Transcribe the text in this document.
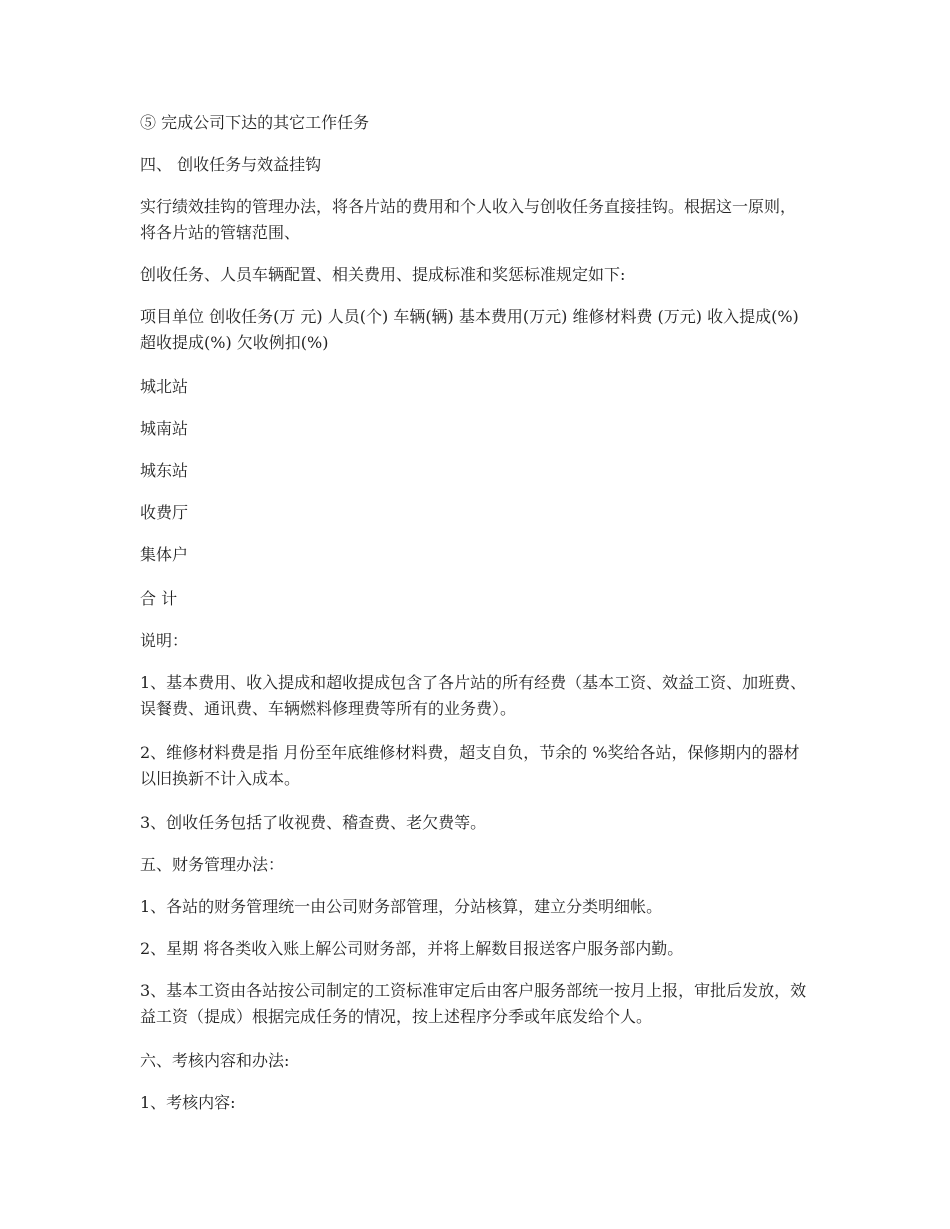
⑤ 完成公司下达的其它工作任务

四、 创收任务与效益挂钩

实行绩效挂钩的管理办法，将各片站的费用和个人收入与创收任务直接挂钩。根据这一原则，将各片站的管辖范围、

创收任务、人员车辆配置、相关费用、提成标准和奖惩标准规定如下:

项目单位 创收任务(万 元) 人员(个) 车辆(辆) 基本费用(万元) 维修材料费 (万元) 收入提成(%) 超收提成(%) 欠收例扣(%)

城北站

城南站

城东站

收费厅

集体户

合 计

说明：

1、基本费用、收入提成和超收提成包含了各片站的所有经费（基本工资、效益工资、加班费、误餐费、通讯费、车辆燃料修理费等所有的业务费）。

2、维修材料费是指 月份至年底维修材料费，超支自负，节余的 %奖给各站，保修期内的器材以旧换新不计入成本。

3、创收任务包括了收视费、稽查费、老欠费等。

五、财务管理办法：

1、各站的财务管理统一由公司财务部管理，分站核算，建立分类明细帐。

2、星期 将各类收入账上解公司财务部，并将上解数目报送客户服务部内勤。

3、基本工资由各站按公司制定的工资标准审定后由客户服务部统一按月上报，审批后发放，效益工资（提成）根据完成任务的情况，按上述程序分季或年底发给个人。

六、考核内容和办法:

1、考核内容:
